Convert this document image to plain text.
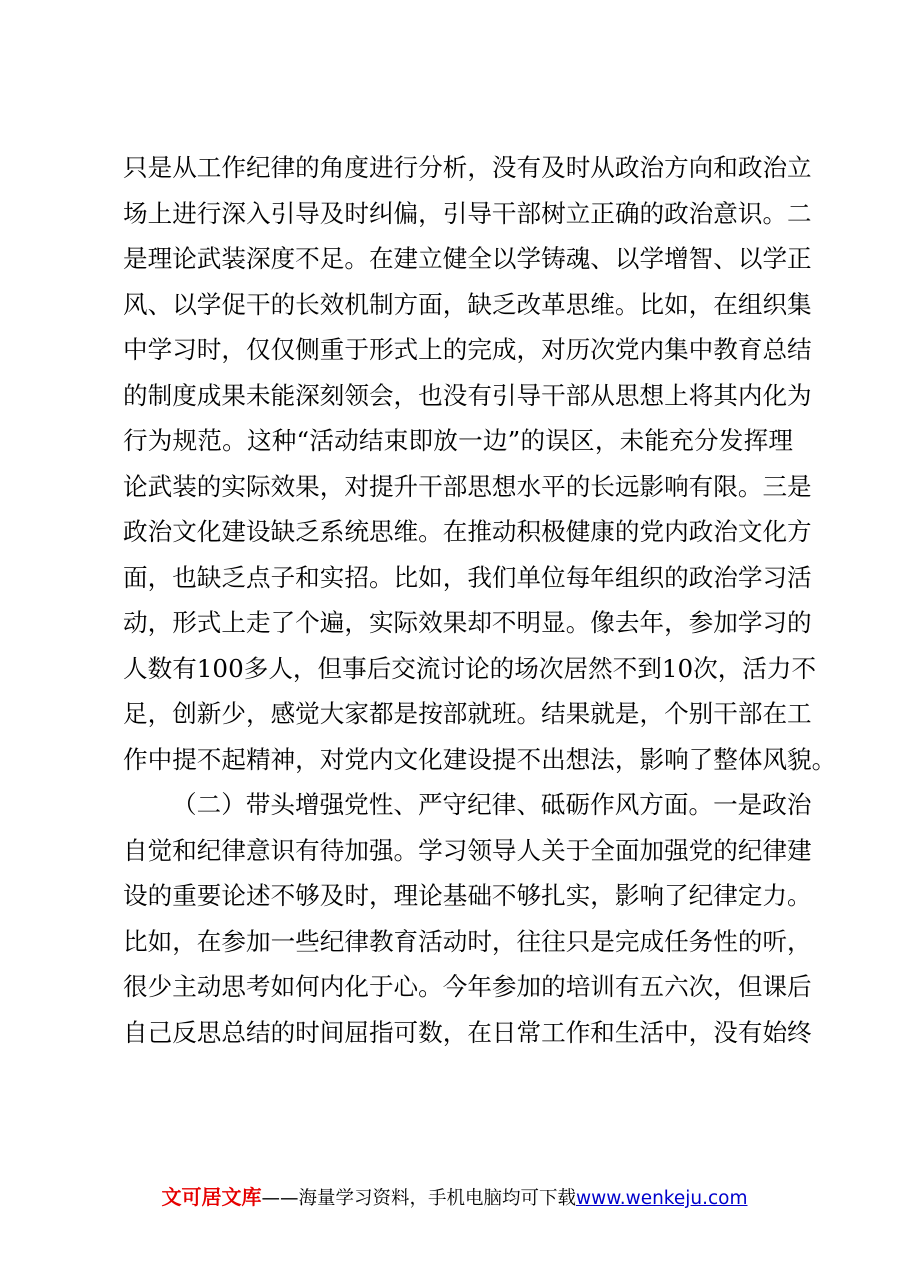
只是从工作纪律的角度进行分析，没有及时从政治方向和政治立
场上进行深入引导及时纠偏，引导干部树立正确的政治意识。二
是理论武装深度不足。在建立健全以学铸魂、以学增智、以学正
风、以学促干的长效机制方面，缺乏改革思维。比如，在组织集
中学习时，仅仅侧重于形式上的完成，对历次党内集中教育总结
的制度成果未能深刻领会，也没有引导干部从思想上将其内化为
行为规范。这种“活动结束即放一边”的误区，未能充分发挥理
论武装的实际效果，对提升干部思想水平的长远影响有限。三是
政治文化建设缺乏系统思维。在推动积极健康的党内政治文化方
面，也缺乏点子和实招。比如，我们单位每年组织的政治学习活
动，形式上走了个遍，实际效果却不明显。像去年，参加学习的
人数有100多人，但事后交流讨论的场次居然不到10次，活力不
足，创新少，感觉大家都是按部就班。结果就是，个别干部在工
作中提不起精神，对党内文化建设提不出想法，影响了整体风貌。
（二）带头增强党性、严守纪律、砥砺作风方面。一是政治
自觉和纪律意识有待加强。学习领导人关于全面加强党的纪律建
设的重要论述不够及时，理论基础不够扎实，影响了纪律定力。
比如，在参加一些纪律教育活动时，往往只是完成任务性的听，
很少主动思考如何内化于心。今年参加的培训有五六次，但课后
自己反思总结的时间屈指可数，在日常工作和生活中，没有始终
文可居文库——海量学习资料，手机电脑均可下载www.wenkeju.com
